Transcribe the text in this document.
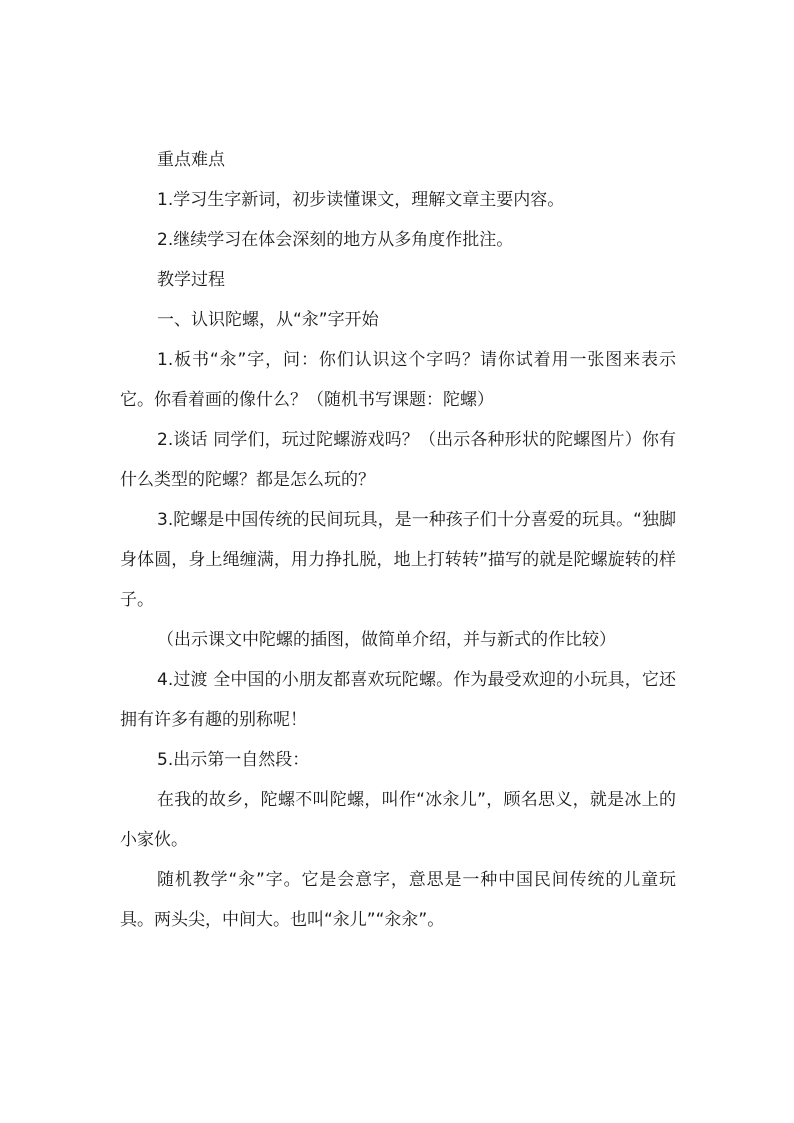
重点难点

1.学习生字新词，初步读懂课文，理解文章主要内容。

2.继续学习在体会深刻的地方从多角度作批注。

教学过程

一、认识陀螺，从“汆”字开始

1.板书“汆”字，问：你们认识这个字吗？请你试着用一张图来表示它。你看着画的像什么？（随机书写课题：陀螺）

2.谈话 同学们，玩过陀螺游戏吗？（出示各种形状的陀螺图片）你有什么类型的陀螺？都是怎么玩的？

3.陀螺是中国传统的民间玩具，是一种孩子们十分喜爱的玩具。“独脚身体圆，身上绳缠满，用力挣扎脱，地上打转转”描写的就是陀螺旋转的样子。

（出示课文中陀螺的插图，做简单介绍，并与新式的作比较）

4.过渡 全中国的小朋友都喜欢玩陀螺。作为最受欢迎的小玩具，它还拥有许多有趣的别称呢！

5.出示第一自然段：

在我的故乡，陀螺不叫陀螺，叫作“冰汆儿”，顾名思义，就是冰上的小家伙。

随机教学“汆”字。它是会意字，意思是一种中国民间传统的儿童玩具。两头尖，中间大。也叫“汆儿”“汆汆”。
